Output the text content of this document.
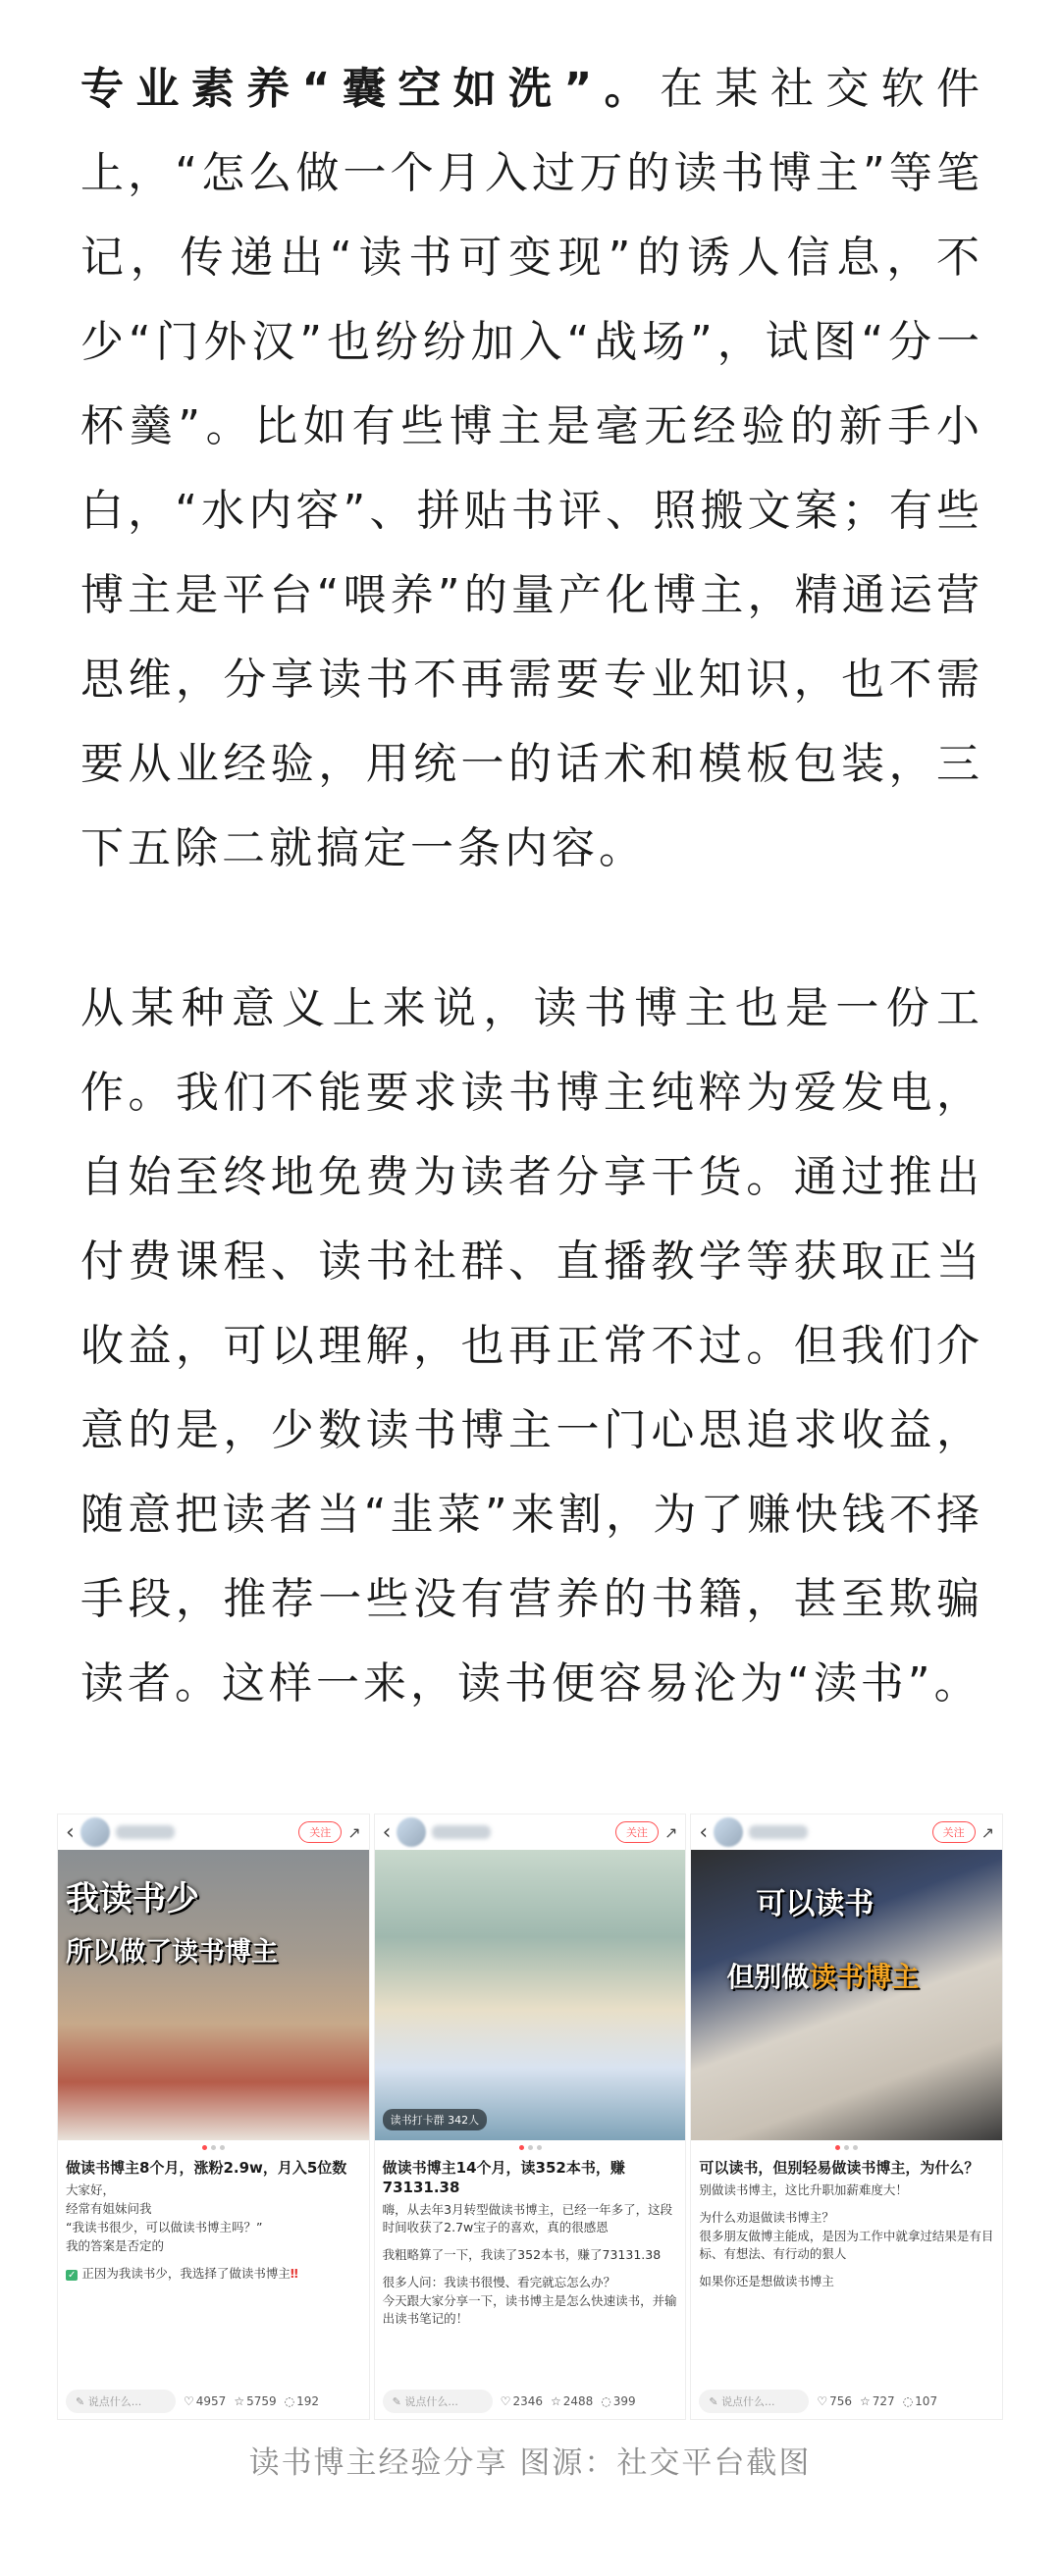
专业素养“囊空如洗”。在某社交软件上，“怎么做一个月入过万的读书博主”等笔记，传递出“读书可变现”的诱人信息，不少“门外汉”也纷纷加入“战场”，试图“分一杯羹”。比如有些博主是毫无经验的新手小白，“水内容”、拼贴书评、照搬文案；有些博主是平台“喂养”的量产化博主，精通运营思维，分享读书不再需要专业知识，也不需要从业经验，用统一的话术和模板包装，三下五除二就搞定一条内容。

从某种意义上来说，读书博主也是一份工作。我们不能要求读书博主纯粹为爱发电，自始至终地免费为读者分享干货。通过推出付费课程、读书社群、直播教学等获取正当收益，可以理解，也再正常不过。但我们介意的是，少数读书博主一门心思追求收益，随意把读者当“韭菜”来割，为了赚快钱不择手段，推荐一些没有营养的书籍，甚至欺骗读者。这样一来，读书便容易沦为“渎书”。

‹	关注	↗
我读书少
所以做了读书博主
做读书博主8个月，涨粉2.9w，月入5位数
大家好，
经常有姐妹问我
“我读书很少，可以做读书博主吗？”
我的答案是否定的
✓ 正因为我读书少，我选择了做读书博主‼
✎ 说点什么...	♡ 4957 ☆ 5759 ◌ 192
‹	关注	↗
读书打卡群 342人
做读书博主14个月，读352本书，赚73131.38
嗨，从去年3月转型做读书博主，已经一年多了，这段时间收获了2.7w宝子的喜欢，真的很感恩
我粗略算了一下，我读了352本书，赚了73131.38
很多人问：我读书很慢、看完就忘怎么办？
今天跟大家分享一下，读书博主是怎么快速读书，并输出读书笔记的！
✎ 说点什么...	♡ 2346 ☆ 2488 ◌ 399
‹	关注	↗
可以读书
但别做读书博主
可以读书，但别轻易做读书博主，为什么？
别做读书博主，这比升职加薪难度大！
为什么劝退做读书博主？
很多朋友做博主能成，是因为工作中就拿过结果是有目标、有想法、有行动的狠人
如果你还是想做读书博主
✎ 说点什么...	♡ 756 ☆ 727 ◌ 107
读书博主经验分享 图源：社交平台截图
